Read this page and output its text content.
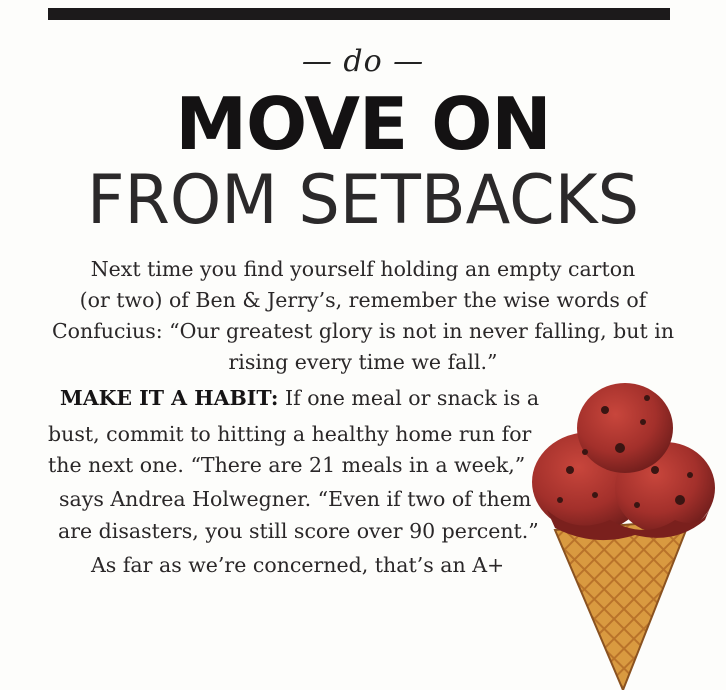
— do —
MOVE ON
FROM SETBACKS
Next time you find yourself holding an empty carton
(or two) of Ben & Jerry’s, remember the wise words of
Confucius: “Our greatest glory is not in never falling, but in
rising every time we fall.”
MAKE IT A HABIT: If one meal or snack is a
bust, commit to hitting a healthy home run for
the next one. “There are 21 meals in a week,”
says Andrea Holwegner. “Even if two of them
are disasters, you still score over 90 percent.”
As far as we’re concerned, that’s an A+
